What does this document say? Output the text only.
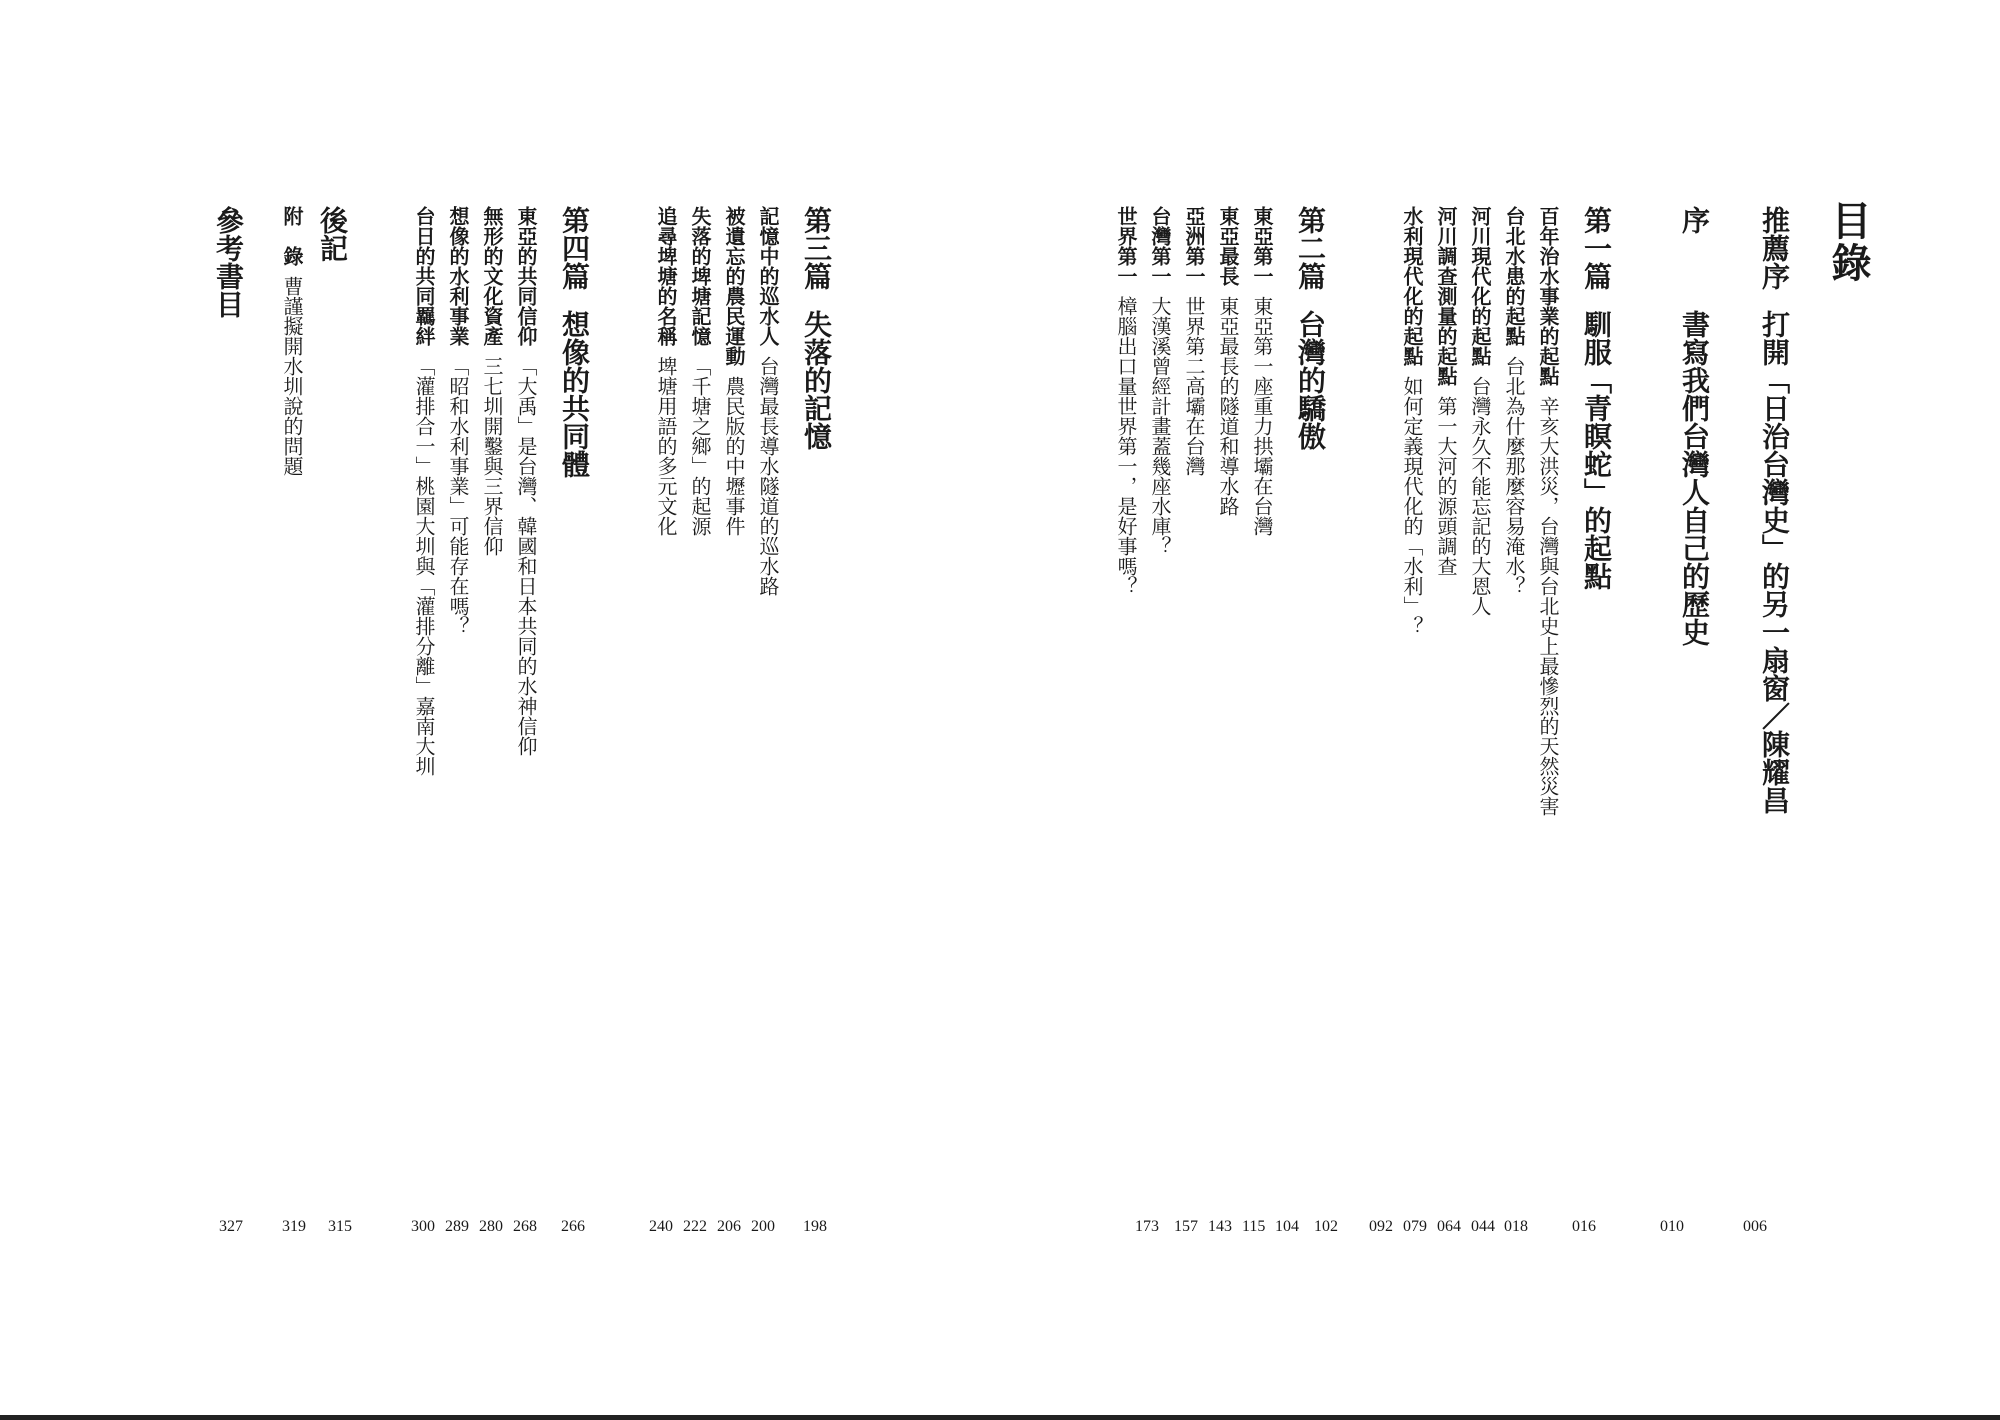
目錄
推薦序
打開「日治台灣史」的另一扇窗／陳耀昌
006
序
書寫我們台灣人自己的歷史
010
第一篇
馴服「青瞑蛇」的起點
016
百年治水事業的起點辛亥大洪災，台灣與台北史上最慘烈的天然災害
018
台北水患的起點台北為什麼那麼容易淹水？
044
河川現代化的起點台灣永久不能忘記的大恩人
064
河川調查測量的起點第一大河的源頭調查
079
水利現代化的起點如何定義現代化的「水利」？
092
第二篇
台灣的驕傲
102
東亞第一東亞第一座重力拱壩在台灣
104
東亞最長東亞最長的隧道和導水路
115
亞洲第一世界第二高壩在台灣
143
台灣第一大漢溪曾經計畫蓋幾座水庫？
157
世界第一樟腦出口量世界第一，是好事嗎？
173
第三篇
失落的記憶
198
記憶中的巡水人台灣最長導水隧道的巡水路
200
被遺忘的農民運動農民版的中壢事件
206
失落的埤塘記憶「千塘之鄉」的起源
222
追尋埤塘的名稱埤塘用語的多元文化
240
第四篇
想像的共同體
266
東亞的共同信仰「大禹」是台灣、韓國和日本共同的水神信仰
268
無形的文化資產三七圳開鑿與三界信仰
280
想像的水利事業「昭和水利事業」可能存在嗎？
289
台日的共同羈絆「灌排合一」桃園大圳與「灌排分離」嘉南大圳
300
後記
315
附　錄曹謹擬開水圳說的問題
319
參考書目
327
